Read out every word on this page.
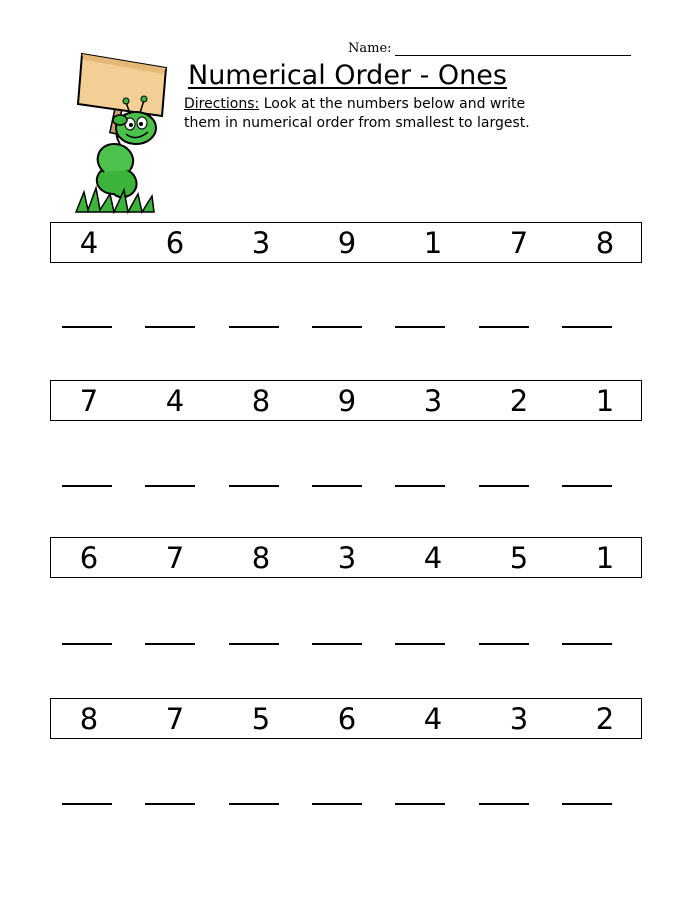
Name:
Numerical Order - Ones
Directions: Look at the numbers below and write them in numerical order from smallest to largest.
4 6 3 9 1 7 8
7 4 8 9 3 2 1
6 7 8 3 4 5 1
8 7 5 6 4 3 2
